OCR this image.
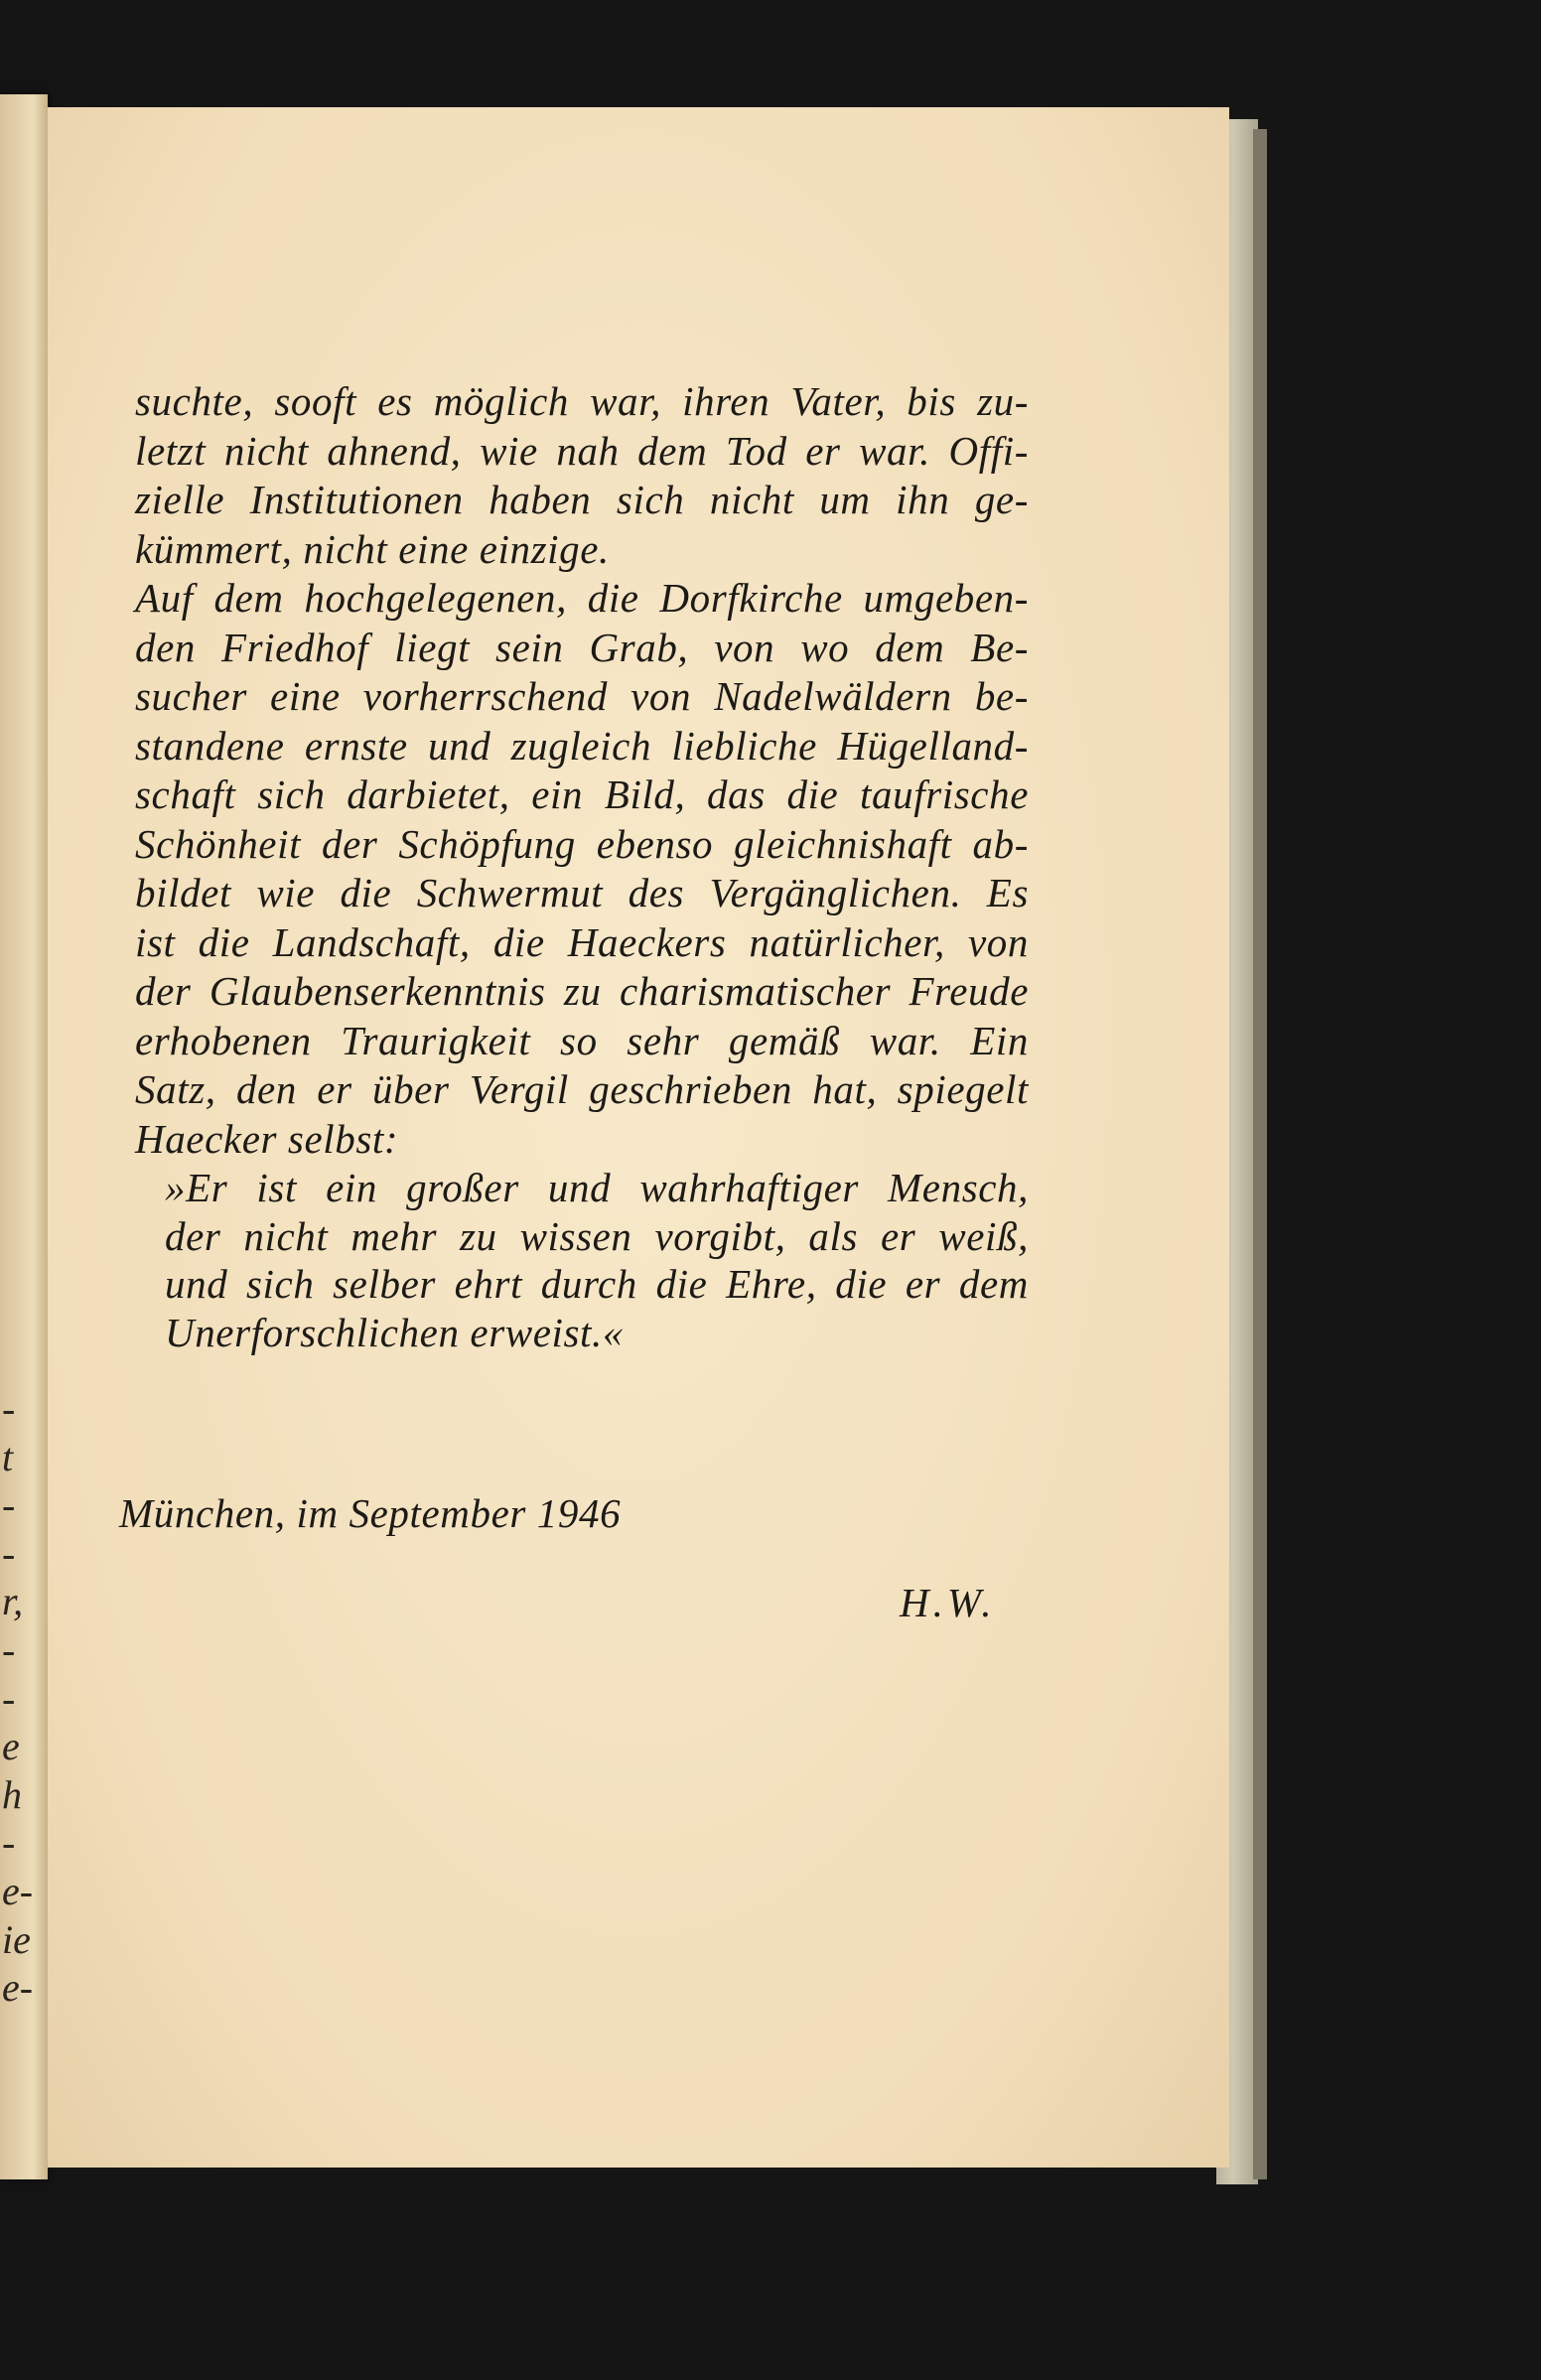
-
t
-
-
r,
-
-
e
h
-
e-
ie
e-
suchte, sooft es möglich war, ihren Vater, bis zu-
letzt nicht ahnend, wie nah dem Tod er war. Offi-
zielle Institutionen haben sich nicht um ihn ge-
kümmert, nicht eine einzige.
Auf dem hochgelegenen, die Dorfkirche umgeben-
den Friedhof liegt sein Grab, von wo dem Be-
sucher eine vorherrschend von Nadelwäldern be-
standene ernste und zugleich liebliche Hügelland-
schaft sich darbietet, ein Bild, das die taufrische
Schönheit der Schöpfung ebenso gleichnishaft ab-
bildet wie die Schwermut des Vergänglichen. Es
ist die Landschaft, die Haeckers natürlicher, von
der Glaubenserkenntnis zu charismatischer Freude
erhobenen Traurigkeit so sehr gemäß war. Ein
Satz, den er über Vergil geschrieben hat, spiegelt
Haecker selbst:
»Er ist ein großer und wahrhaftiger Mensch,
der nicht mehr zu wissen vorgibt, als er weiß,
und sich selber ehrt durch die Ehre, die er dem
Unerforschlichen erweist.«
München, im September 1946
H.W.
